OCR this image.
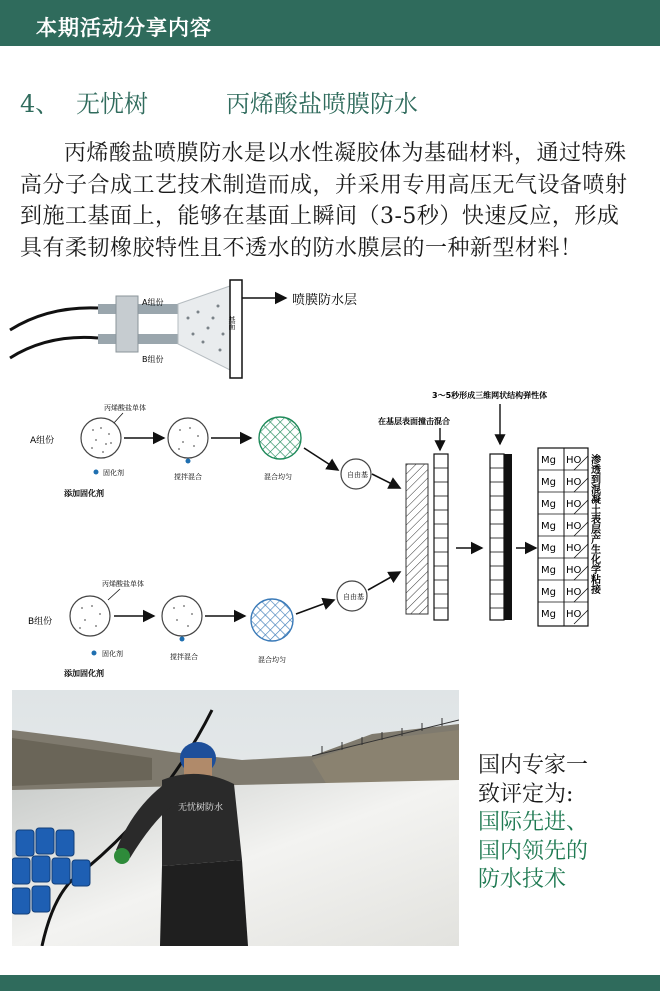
本期活动分享内容
4、 无忧树	丙烯酸盐喷膜防水

丙烯酸盐喷膜防水是以水性凝胶体为基础材料，通过特殊高分子合成工艺技术制造而成，并采用专用高压无气设备喷射到施工基面上，能够在基面上瞬间（3-5秒）快速反应，形成具有柔韧橡胶特性且不透水的防水膜层的一种新型材料！

A组份
B组份
基面
喷膜防水层
A组份
丙烯酸盐单体
固化剂
添加固化剂
搅拌混合	混合均匀	自由基
B组份
丙烯酸盐单体
固化剂
添加固化剂
搅拌混合	混合均匀
自由基
在基层表面撞击混合
3～5秒形成三维网状结构弹性体
Mg HO
Mg HO
Mg HO
Mg HO
Mg HO
Mg HO
Mg HO
Mg HO
渗透到混凝土表层产生化学粘接
无忧树防水
国内专家一
致评定为:
国际先进、
国内领先的
防水技术
